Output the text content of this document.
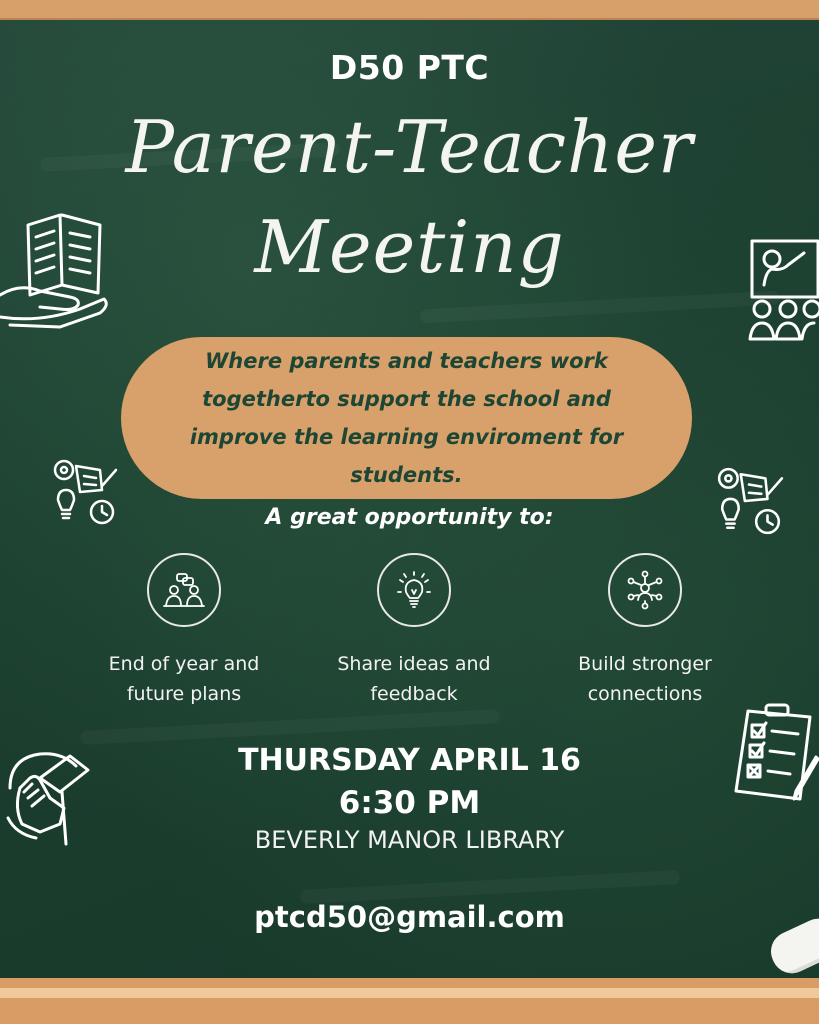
D50 PTC
Parent-Teacher
Meeting

Where parents and teachers work togetherto support the school and improve the learning enviroment for students.

A great opportunity to:
End of year and
future plans
Share ideas and
feedback
Build stronger
connections
THURSDAY APRIL 16
6:30 PM
BEVERLY MANOR LIBRARY
ptcd50@gmail.com
